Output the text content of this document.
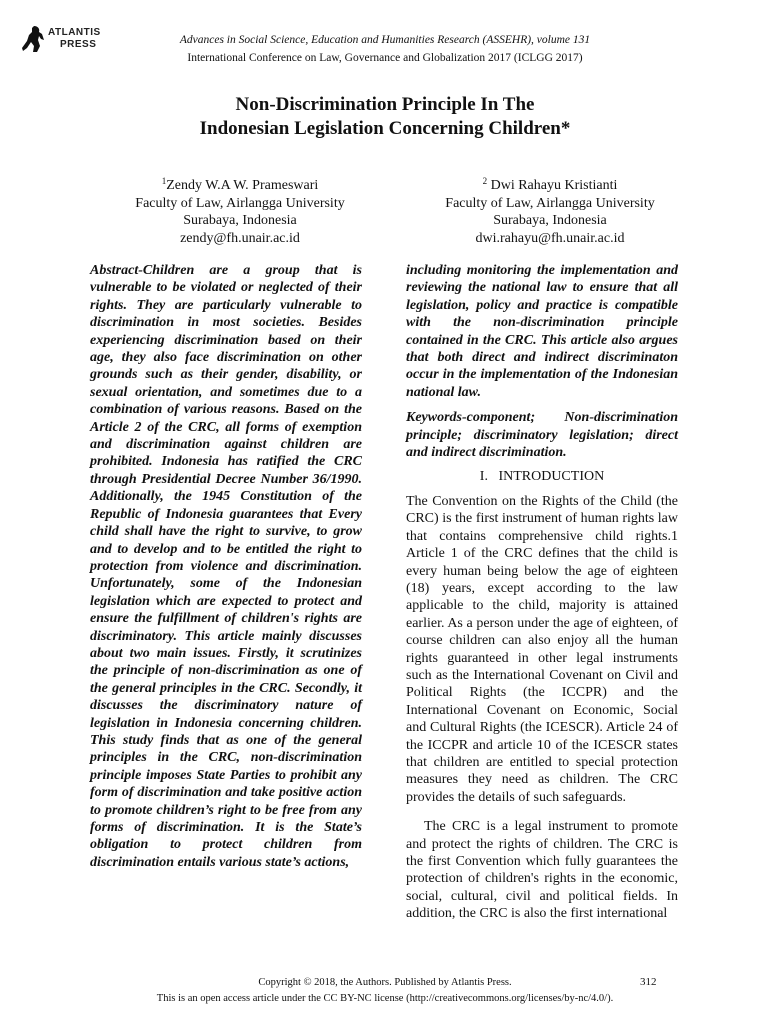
ATLANTIS
PRESS	Advances in Social Science, Education and Humanities Research (ASSEHR), volume 131
International Conference on Law, Governance and Globalization 2017 (ICLGG 2017)
Non-Discrimination Principle In The
Indonesian Legislation Concerning Children*
$^1$Zendy W.A W. Prameswari
Faculty of Law, Airlangga University
Surabaya, Indonesia
zendy@fh.unair.ac.id
$^2$ Dwi Rahayu Kristianti
Faculty of Law, Airlangga University
Surabaya, Indonesia
dwi.rahayu@fh.unair.ac.id

Abstract-Children are a group that is vulnerable to be violated or neglected of their rights. They are particularly vulnerable to discrimination in most societies. Besides experiencing discrimination based on their age, they also face discrimination on other grounds such as their gender, disability, or sexual orientation, and sometimes due to a combination of various reasons. Based on the Article 2 of the CRC, all forms of exemption and discrimination against children are prohibited. Indonesia has ratified the CRC through Presidential Decree Number 36/1990. Additionally, the 1945 Constitution of the Republic of Indonesia guarantees that Every child shall have the right to survive, to grow and to develop and to be entitled the right to protection from violence and discrimination. Unfortunately, some of the Indonesian legislation which are expected to protect and ensure the fulfillment of children's rights are discriminatory. This article mainly discusses about two main issues. Firstly, it scrutinizes the principle of non-discrimination as one of the general principles in the CRC. Secondly, it discusses the discriminatory nature of legislation in Indonesia concerning children. This study finds that as one of the general principles in the CRC, non-discrimination principle imposes State Parties to prohibit any form of discrimination and take positive action to promote children’s right to be free from any forms of discrimination. It is the State’s obligation to protect children from discrimination entails various state’s actions,

including monitoring the implementation and reviewing the national law to ensure that all legislation, policy and practice is compatible with the non-discrimination principle contained in the CRC. This article also argues that both direct and indirect discriminaton occur in the implementation of the Indonesian national law.

Keywords-component; Non-discrimination principle; discriminatory legislation; direct and indirect discrimination.

I.   INTRODUCTION

The Convention on the Rights of the Child (the CRC) is the first instrument of human rights law that contains comprehensive child rights.1 Article 1 of the CRC defines that the child is every human being below the age of eighteen (18) years, except according to the law applicable to the child, majority is attained earlier. As a person under the age of eighteen, of course children can also enjoy all the human rights guaranteed in other legal instruments such as the International Covenant on Civil and Political Rights (the ICCPR) and the International Covenant on Economic, Social and Cultural Rights (the ICESCR). Article 24 of the ICCPR and article 10 of the ICESCR states that children are entitled to special protection measures they need as children. The CRC provides the details of such safeguards.

The CRC is a legal instrument to promote and protect the rights of children. The CRC is the first Convention which fully guarantees the protection of children's rights in the economic, social, cultural, civil and political fields. In addition, the CRC is also the first international

Copyright © 2018, the Authors. Published by Atlantis Press.	312
This is an open access article under the CC BY-NC license (http://creativecommons.org/licenses/by-nc/4.0/).
